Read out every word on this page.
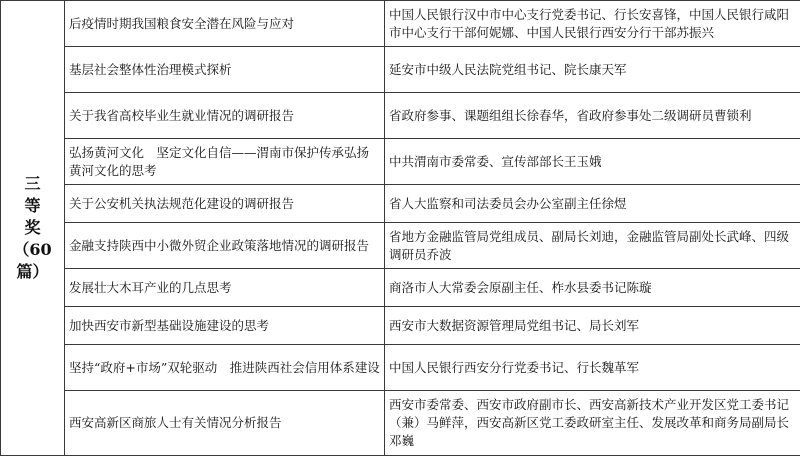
三
等
奖
（60 篇）	后疫情时期我国粮食安全潜在风险与应对	中国人民银行汉中市中心支行党委书记、行长安喜锋，中国人民银行咸阳市中心支行干部何妮娜、中国人民银行西安分行干部苏振兴
	基层社会整体性治理模式探析	延安市中级人民法院党组书记、院长康天军
	关于我省高校毕业生就业情况的调研报告	省政府参事、课题组组长徐春华，省政府参事处二级调研员曹锁利
	弘扬黄河文化　坚定文化自信——渭南市保护传承弘扬黄河文化的思考	中共渭南市委常委、宣传部部长王玉娥
	关于公安机关执法规范化建设的调研报告	省人大监察和司法委员会办公室副主任徐煜
	金融支持陕西中小微外贸企业政策落地情况的调研报告	省地方金融监管局党组成员、副局长刘迪，金融监管局副处长武峰、四级调研员乔波
	发展壮大木耳产业的几点思考	商洛市人大常委会原副主任、柞水县委书记陈璇
	加快西安市新型基础设施建设的思考	西安市大数据资源管理局党组书记、局长刘军
	坚持“政府+市场”双轮驱动　推进陕西社会信用体系建设	中国人民银行西安分行党委书记、行长魏革军
	西安高新区商旅人士有关情况分析报告	西安市委常委、西安市政府副市长、西安高新技术产业开发区党工委书记（兼）马鲜萍，西安高新区党工委政研室主任、发展改革和商务局副局长邓巍
